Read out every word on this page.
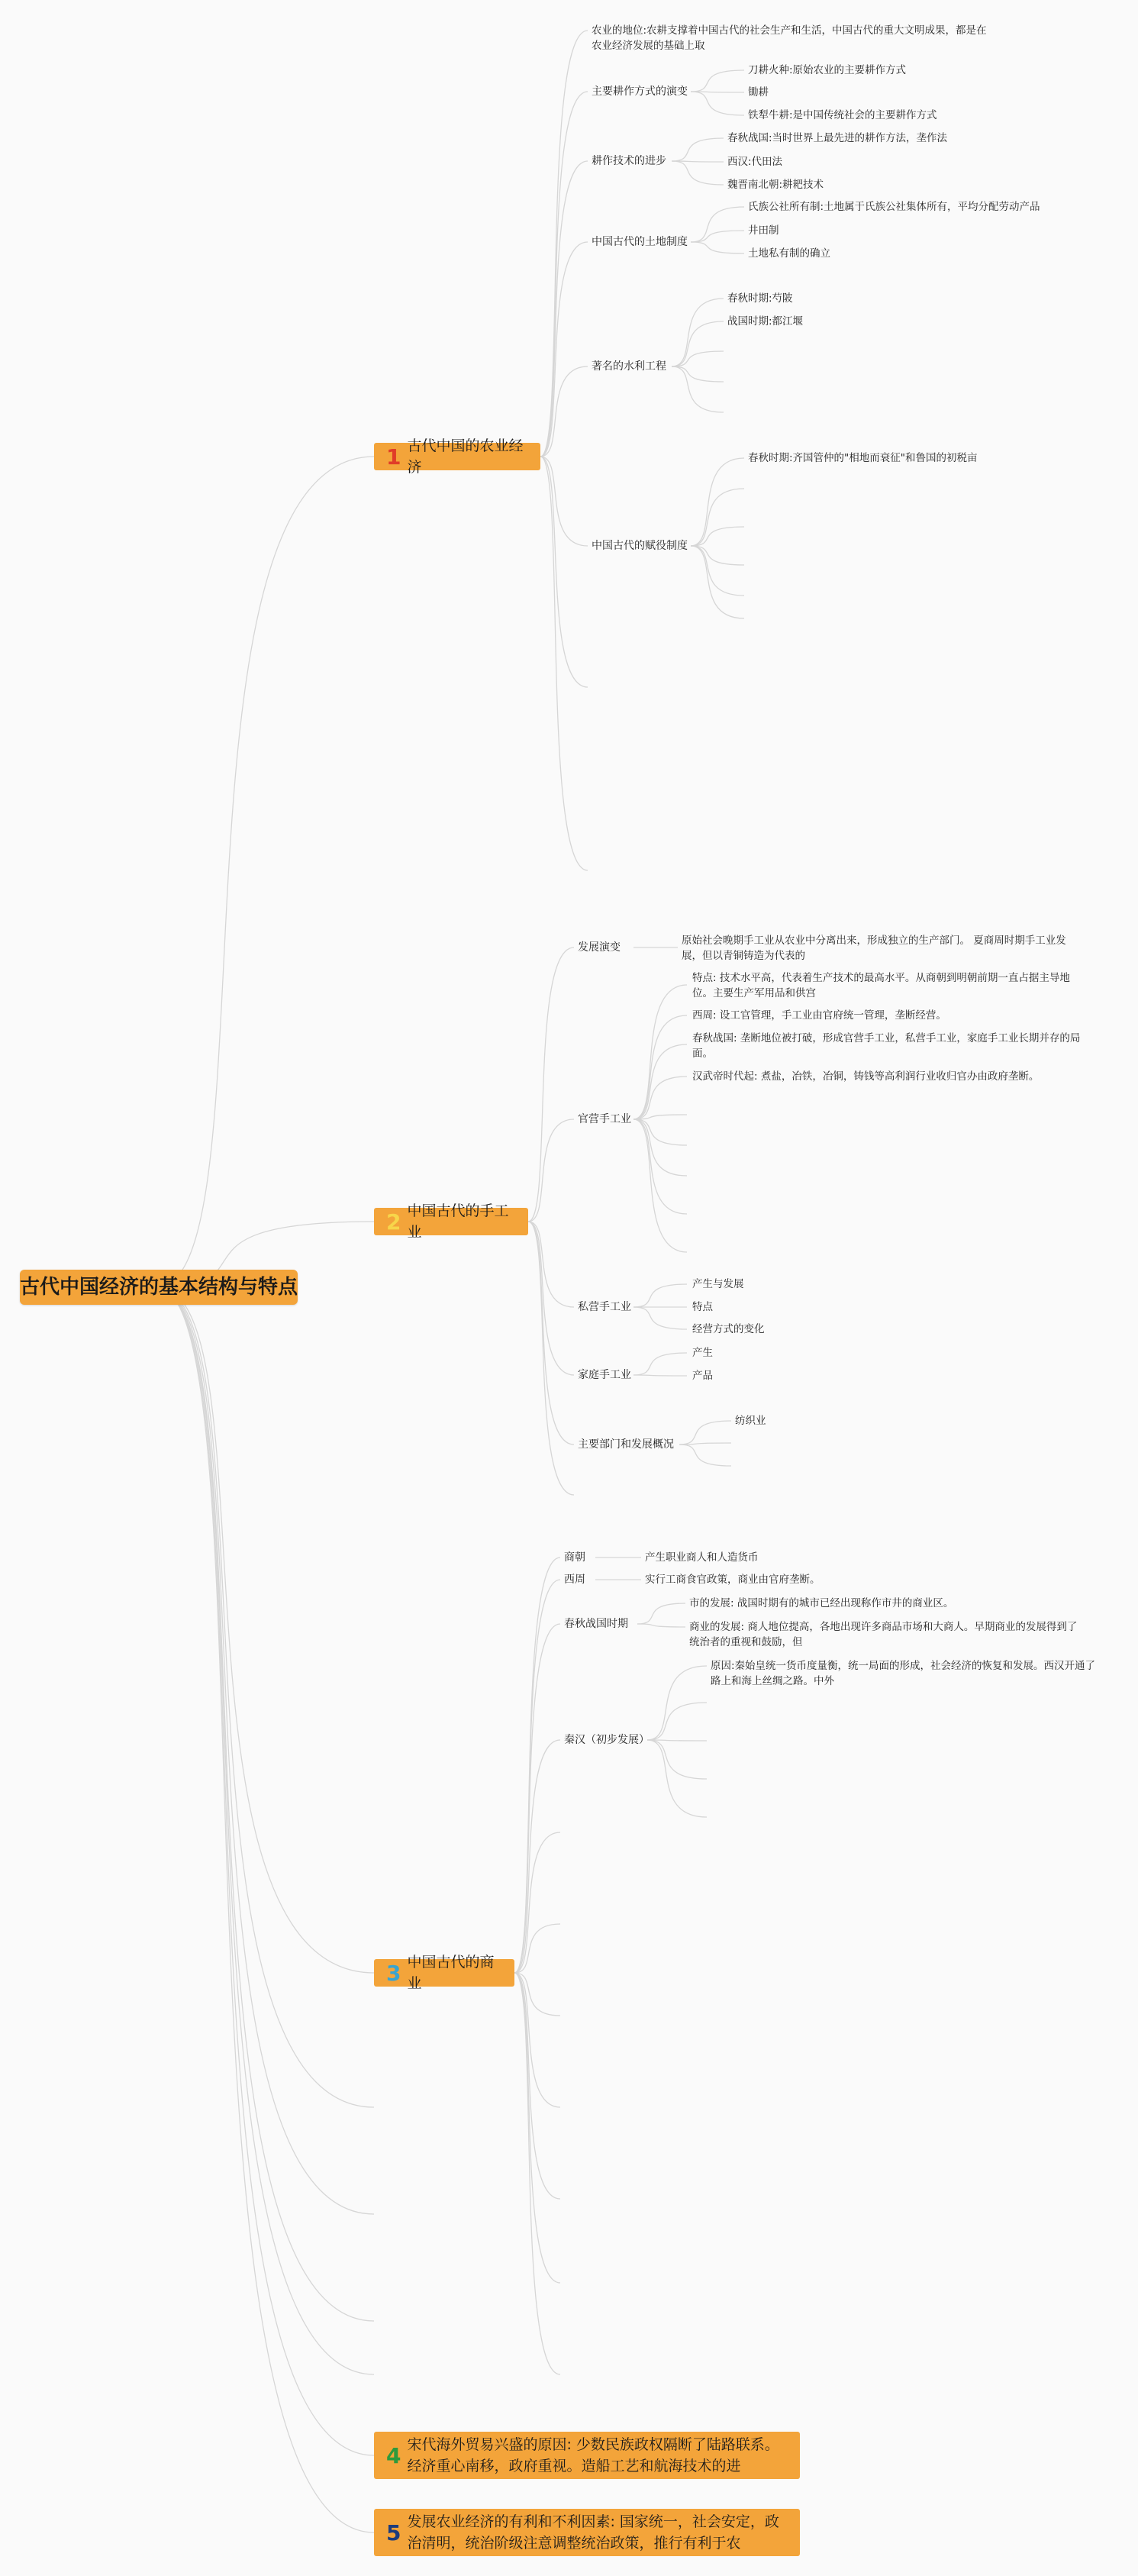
古代中国经济的基本结构与特点
1 古代中国的农业经济
2 中国古代的手工业
3 中国古代的商业
4 宋代海外贸易兴盛的原因: 少数民族政权隔断了陆路联系。经济重心南移，政府重视。造船工艺和航海技术的进
5 发展农业经济的有利和不利因素: 国家统一，社会安定，政治清明，统治阶级注意调整统治政策，推行有利于农
农业的地位:农耕支撑着中国古代的社会生产和生活，中国古代的重大文明成果，都是在农业经济发展的基础上取
主要耕作方式的演变
刀耕火种:原始农业的主要耕作方式
锄耕
铁犁牛耕:是中国传统社会的主要耕作方式
耕作技术的进步
春秋战国:当时世界上最先进的耕作方法，垄作法
西汉:代田法
魏晋南北朝:耕耙技术
中国古代的土地制度
氏族公社所有制:土地属于氏族公社集体所有，平均分配劳动产品
井田制
土地私有制的确立
著名的水利工程
春秋时期:芍陂
战国时期:都江堰
中国古代的赋役制度
春秋时期:齐国管仲的"相地而衰征"和鲁国的初税亩
发展演变
原始社会晚期手工业从农业中分离出来，形成独立的生产部门。 夏商周时期手工业发展，但以青铜铸造为代表的
官营手工业
特点: 技术水平高，代表着生产技术的最高水平。从商朝到明朝前期一直占据主导地位。主要生产军用品和供宫
西周: 设工官管理，手工业由官府统一管理，垄断经营。
春秋战国: 垄断地位被打破，形成官营手工业，私营手工业，家庭手工业长期并存的局面。
汉武帝时代起: 煮盐，冶铁，冶铜，铸钱等高利润行业收归官办由政府垄断。
私营手工业
产生与发展
特点
经营方式的变化
家庭手工业
产生
产品
主要部门和发展概况
纺织业
商朝	产生职业商人和人造货币
西周	实行工商食官政策，商业由官府垄断。
春秋战国时期
市的发展: 战国时期有的城市已经出现称作市井的商业区。
商业的发展: 商人地位提高，各地出现许多商品市场和大商人。早期商业的发展得到了统治者的重视和鼓励，但
秦汉（初步发展）
原因:秦始皇统一货币度量衡，统一局面的形成，社会经济的恢复和发展。西汉开通了路上和海上丝绸之路。中外
